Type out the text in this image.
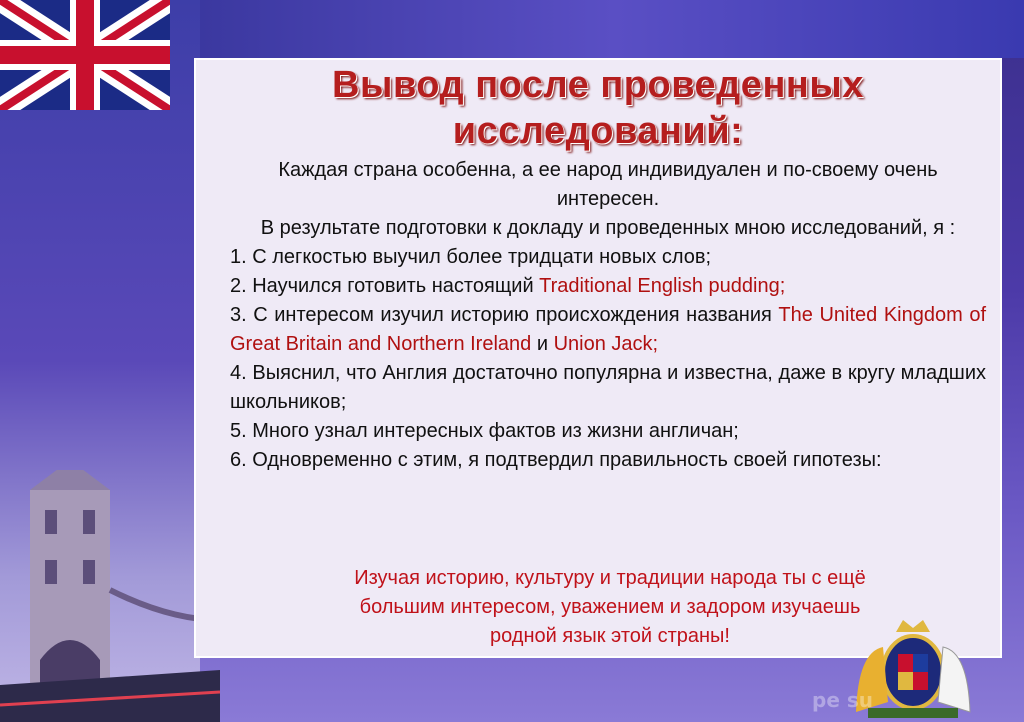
Вывод после проведенных
исследований:
Каждая страна особенна, а ее народ индивидуален и по-своему очень интересен.
В результате подготовки к докладу и проведенных мною исследований, я :
1. С легкостью выучил более тридцати новых слов;
2. Научился готовить настоящий Traditional English pudding;
3. С интересом изучил историю происхождения названия The United Kingdom of Great Britain and Northern Ireland и Union Jack;
4. Выяснил, что Англия достаточно популярна и известна, даже в кругу младших школьников;
5. Много узнал интересных фактов из жизни англичан;
6. Одновременно с этим, я подтвердил правильность своей гипотезы:
Изучая историю, культуру и традиции народа ты с ещё
большим интересом, уважением и задором изучаешь
родной язык этой страны!
pe su
